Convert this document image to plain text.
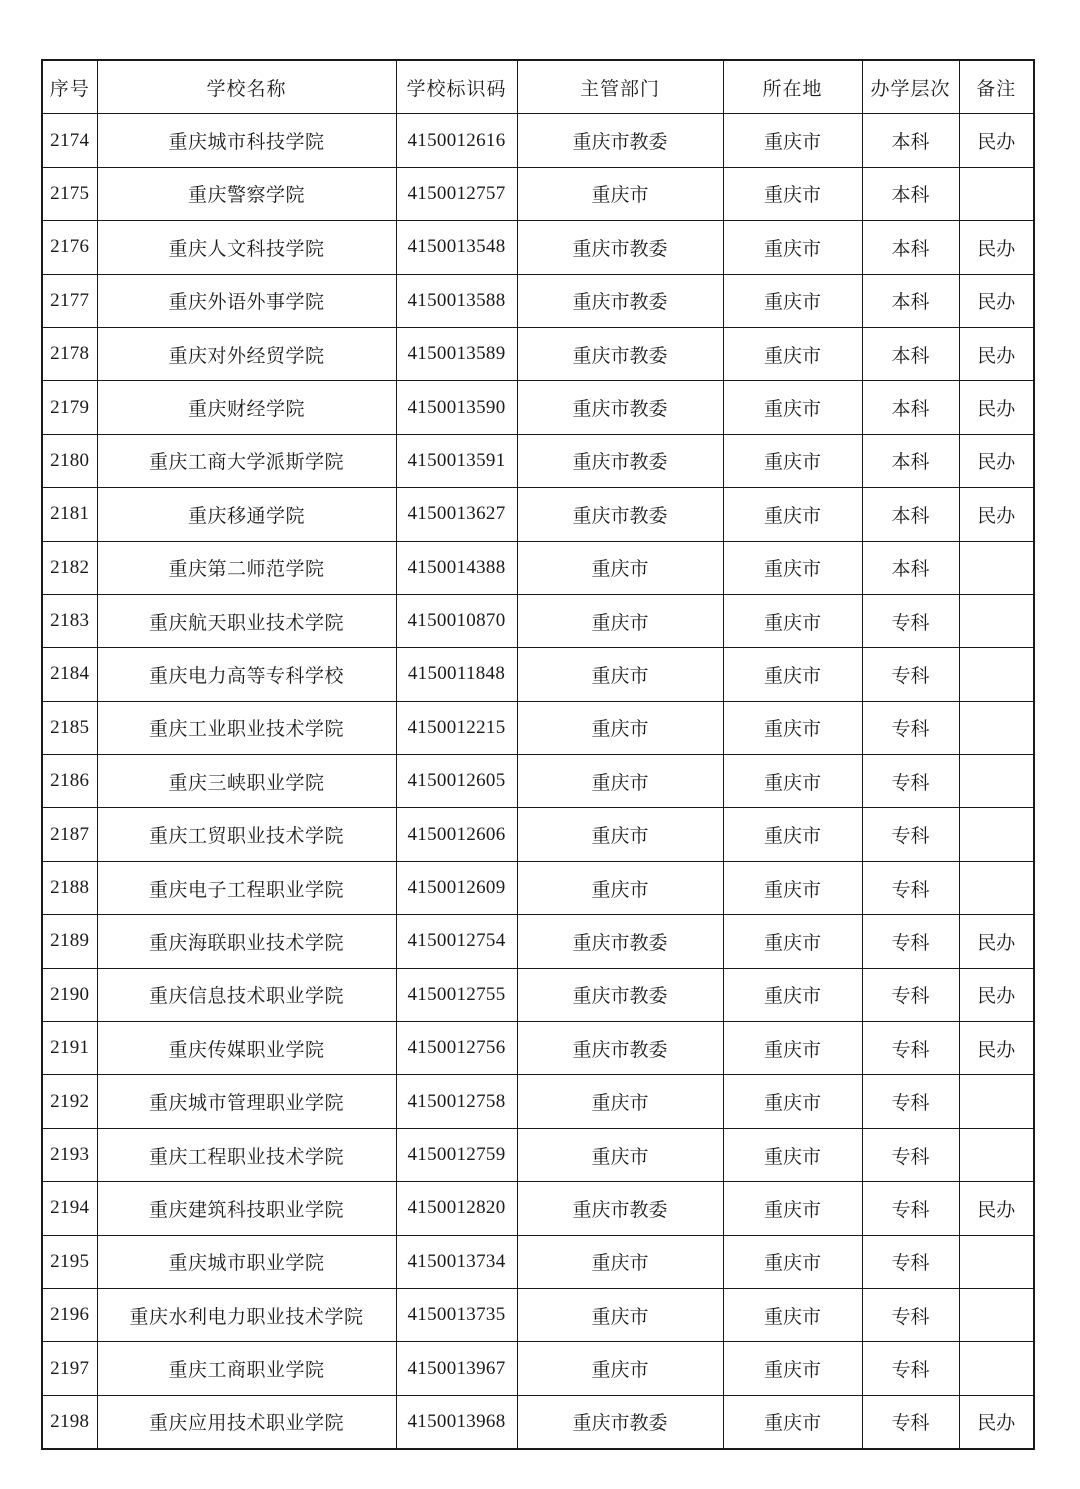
序号	学校名称	学校标识码	主管部门	所在地	办学层次	备注
2174	重庆城市科技学院	4150012616	重庆市教委	重庆市	本科	民办
2175	重庆警察学院	4150012757	重庆市	重庆市	本科	
2176	重庆人文科技学院	4150013548	重庆市教委	重庆市	本科	民办
2177	重庆外语外事学院	4150013588	重庆市教委	重庆市	本科	民办
2178	重庆对外经贸学院	4150013589	重庆市教委	重庆市	本科	民办
2179	重庆财经学院	4150013590	重庆市教委	重庆市	本科	民办
2180	重庆工商大学派斯学院	4150013591	重庆市教委	重庆市	本科	民办
2181	重庆移通学院	4150013627	重庆市教委	重庆市	本科	民办
2182	重庆第二师范学院	4150014388	重庆市	重庆市	本科	
2183	重庆航天职业技术学院	4150010870	重庆市	重庆市	专科	
2184	重庆电力高等专科学校	4150011848	重庆市	重庆市	专科	
2185	重庆工业职业技术学院	4150012215	重庆市	重庆市	专科	
2186	重庆三峡职业学院	4150012605	重庆市	重庆市	专科	
2187	重庆工贸职业技术学院	4150012606	重庆市	重庆市	专科	
2188	重庆电子工程职业学院	4150012609	重庆市	重庆市	专科	
2189	重庆海联职业技术学院	4150012754	重庆市教委	重庆市	专科	民办
2190	重庆信息技术职业学院	4150012755	重庆市教委	重庆市	专科	民办
2191	重庆传媒职业学院	4150012756	重庆市教委	重庆市	专科	民办
2192	重庆城市管理职业学院	4150012758	重庆市	重庆市	专科	
2193	重庆工程职业技术学院	4150012759	重庆市	重庆市	专科	
2194	重庆建筑科技职业学院	4150012820	重庆市教委	重庆市	专科	民办
2195	重庆城市职业学院	4150013734	重庆市	重庆市	专科	
2196	重庆水利电力职业技术学院	4150013735	重庆市	重庆市	专科	
2197	重庆工商职业学院	4150013967	重庆市	重庆市	专科	
2198	重庆应用技术职业学院	4150013968	重庆市教委	重庆市	专科	民办
